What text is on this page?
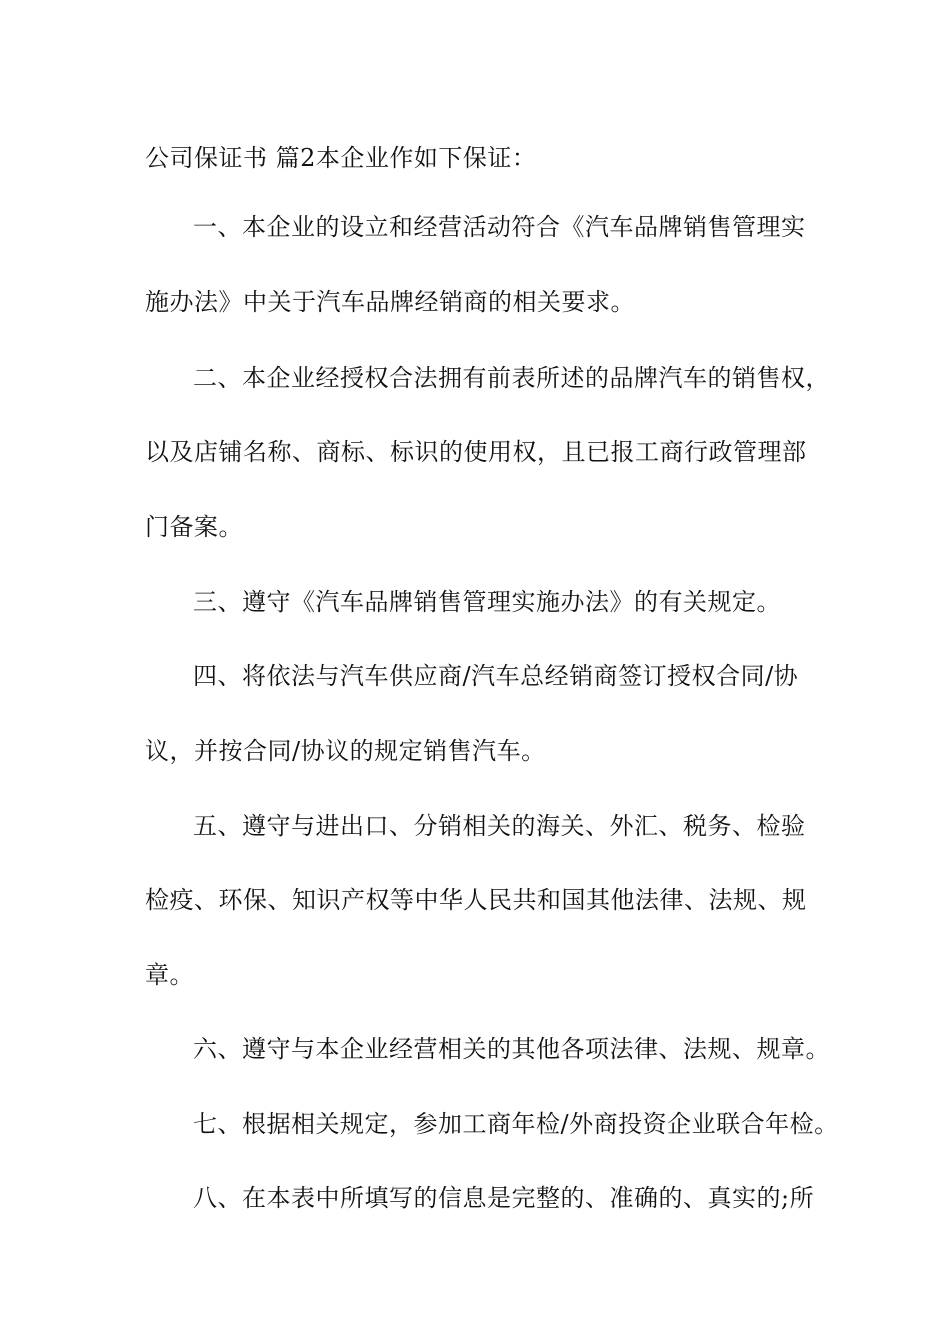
公司保证书 篇2本企业作如下保证：
一、本企业的设立和经营活动符合《汽车品牌销售管理实
施办法》中关于汽车品牌经销商的相关要求。
二、本企业经授权合法拥有前表所述的品牌汽车的销售权，
以及店铺名称、商标、标识的使用权，且已报工商行政管理部
门备案。
三、遵守《汽车品牌销售管理实施办法》的有关规定。
四、将依法与汽车供应商/汽车总经销商签订授权合同/协
议，并按合同/协议的规定销售汽车。
五、遵守与进出口、分销相关的海关、外汇、税务、检验
检疫、环保、知识产权等中华人民共和国其他法律、法规、规
章。
六、遵守与本企业经营相关的其他各项法律、法规、规章。
七、根据相关规定，参加工商年检/外商投资企业联合年检。
八、在本表中所填写的信息是完整的、准确的、真实的;所
